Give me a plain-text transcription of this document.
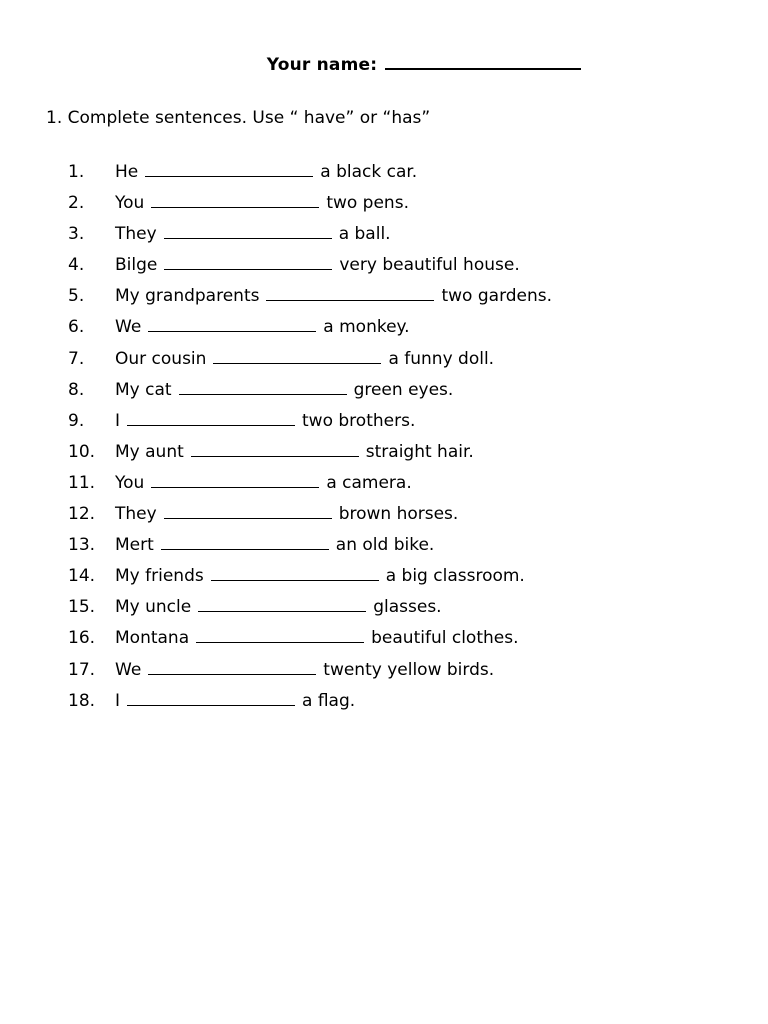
Your name:
1. Complete sentences. Use “ have” or “has”
1. He	a black car.
2. You	two pens.
3. They	a ball.
4. Bilge	very beautiful house.
5. My grandparents	two gardens.
6. We	a monkey.
7. Our cousin	a funny doll.
8. My cat	green eyes.
9. I	two brothers.
10. My aunt	straight hair.
11. You	a camera.
12. They	brown horses.
13. Mert	an old bike.
14. My friends	a big classroom.
15. My uncle	glasses.
16. Montana	beautiful clothes.
17. We	twenty yellow birds.
18. I	a flag.
